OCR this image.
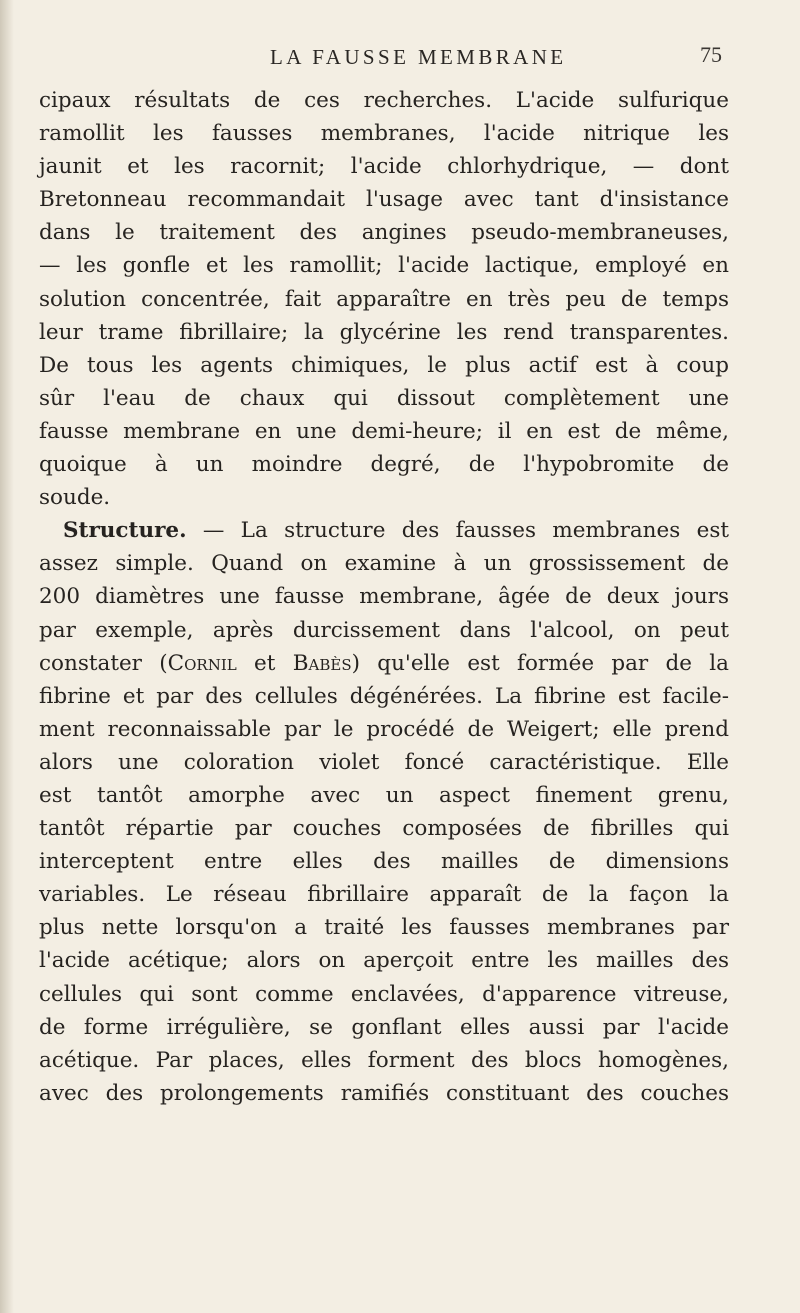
LA FAUSSE MEMBRANE	75
cipaux résultats de ces recherches. L'acide sulfurique
ramollit les fausses membranes, l'acide nitrique les
jaunit et les racornit; l'acide chlorhydrique, — dont
Bretonneau recommandait l'usage avec tant d'insistance
dans le traitement des angines pseudo-membraneuses,
— les gonfle et les ramollit; l'acide lactique, employé en
solution concentrée, fait apparaître en très peu de temps
leur trame fibrillaire; la glycérine les rend transparentes.
De tous les agents chimiques, le plus actif est à coup
sûr l'eau de chaux qui dissout complètement une
fausse membrane en une demi-heure; il en est de même,
quoique à un moindre degré, de l'hypobromite de
soude.
Structure. — La structure des fausses membranes est
assez simple. Quand on examine à un grossissement de
200 diamètres une fausse membrane, âgée de deux jours
par exemple, après durcissement dans l'alcool, on peut
constater (Cornil et Babès) qu'elle est formée par de la
fibrine et par des cellules dégénérées. La fibrine est facile-
ment reconnaissable par le procédé de Weigert; elle prend
alors une coloration violet foncé caractéristique. Elle
est tantôt amorphe avec un aspect finement grenu,
tantôt répartie par couches composées de fibrilles qui
interceptent entre elles des mailles de dimensions
variables. Le réseau fibrillaire apparaît de la façon la
plus nette lorsqu'on a traité les fausses membranes par
l'acide acétique; alors on aperçoit entre les mailles des
cellules qui sont comme enclavées, d'apparence vitreuse,
de forme irrégulière, se gonflant elles aussi par l'acide
acétique. Par places, elles forment des blocs homogènes,
avec des prolongements ramifiés constituant des couches
